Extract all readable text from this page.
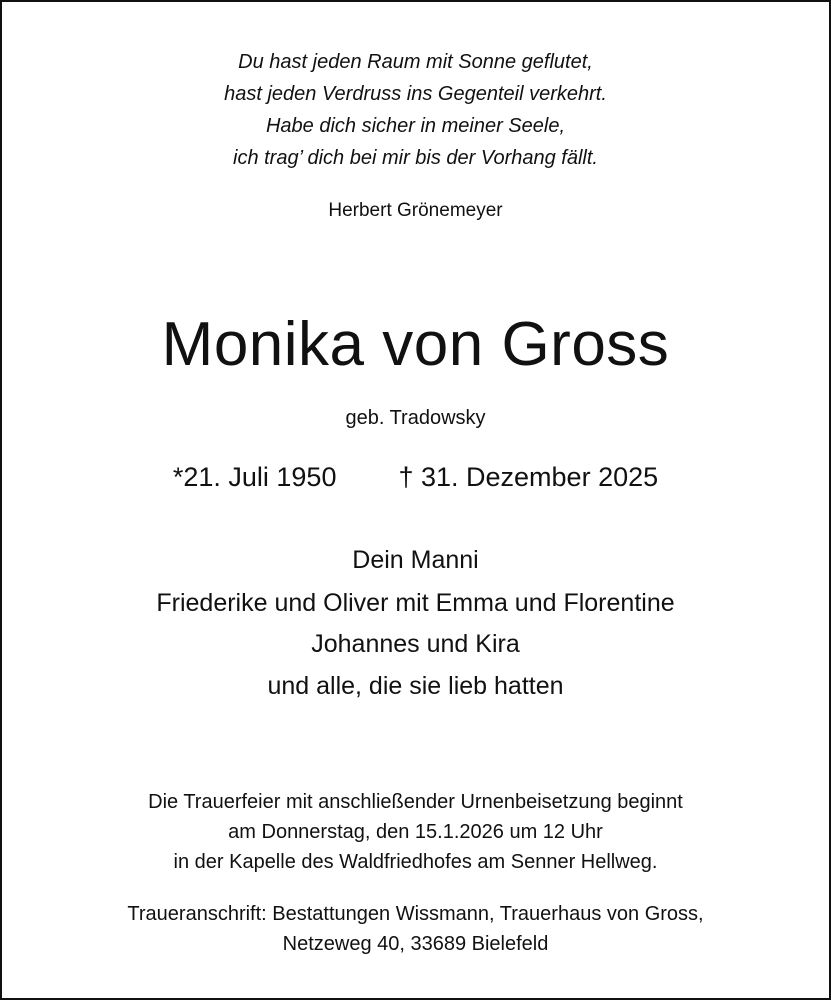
Du hast jeden Raum mit Sonne geflutet,
hast jeden Verdruss ins Gegenteil verkehrt.
Habe dich sicher in meiner Seele,
ich trag’ dich bei mir bis der Vorhang fällt.
Herbert Grönemeyer
Monika von Gross
geb. Tradowsky
*21. Juli 1950 † 31. Dezember 2025
Dein Manni
Friederike und Oliver mit Emma und Florentine
Johannes und Kira
und alle, die sie lieb hatten
Die Trauerfeier mit anschließender Urnenbeisetzung beginnt
am Donnerstag, den 15.1.2026 um 12 Uhr
in der Kapelle des Waldfriedhofes am Senner Hellweg.
Traueranschrift: Bestattungen Wissmann, Trauerhaus von Gross,
Netzeweg 40, 33689 Bielefeld
